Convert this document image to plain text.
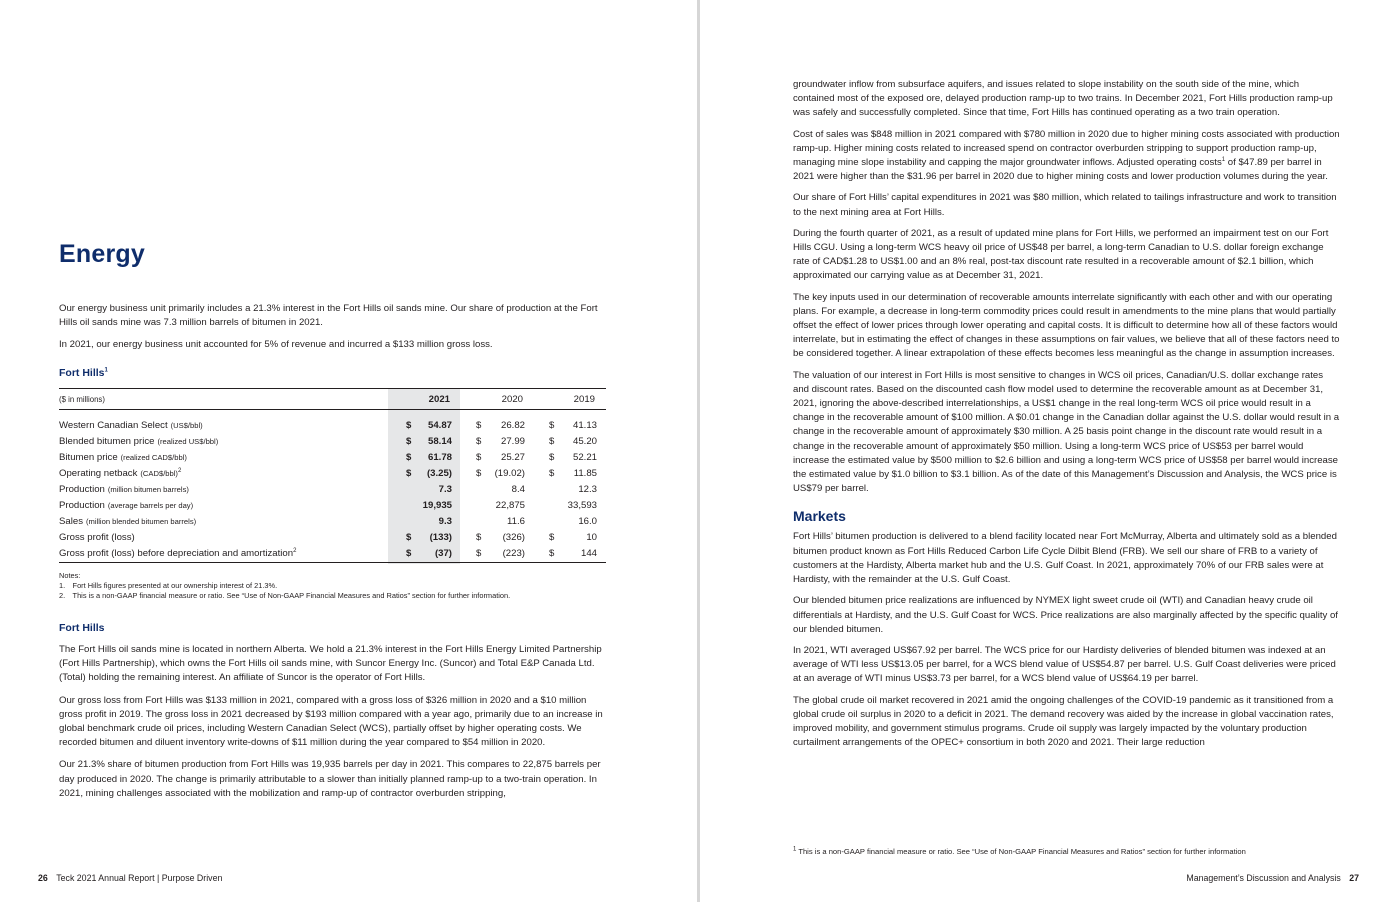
Energy

Our energy business unit primarily includes a 21.3% interest in the Fort Hills oil sands mine. Our share of production at the Fort Hills oil sands mine was 7.3 million barrels of bitumen in 2021.

In 2021, our energy business unit accounted for 5% of revenue and incurred a $133 million gross loss.

Fort Hills$^1$

($ in millions)	2021	2020	2019
Western Canadian Select (US$/bbl)	$ 54.87	$ 26.82	$ 41.13
Blended bitumen price (realized US$/bbl)	$ 58.14	$ 27.99	$ 45.20
Bitumen price (realized CAD$/bbl)	$ 61.78	$ 25.27	$ 52.21
Operating netback (CAD$/bbl)$^2$	$ (3.25)	$ (19.02)	$ 11.85
Production (million bitumen barrels)	7.3	8.4	12.3
Production (average barrels per day)	19,935	22,875	33,593
Sales (million blended bitumen barrels)	9.3	11.6	16.0
Gross profit (loss)	$ (133)	$ (326)	$	10
Gross profit (loss) before depreciation and amortization$^2$	$ (37)	$ (223)	$	144
Notes:
1. Fort Hills figures presented at our ownership interest of 21.3%.
2. This is a non-GAAP financial measure or ratio. See “Use of Non-GAAP Financial Measures and Ratios” section for further information.

Fort Hills

The Fort Hills oil sands mine is located in northern Alberta. We hold a 21.3% interest in the Fort Hills Energy Limited Partnership (Fort Hills Partnership), which owns the Fort Hills oil sands mine, with Suncor Energy Inc. (Suncor) and Total E&P Canada Ltd. (Total) holding the remaining interest. An affiliate of Suncor is the operator of Fort Hills.

Our gross loss from Fort Hills was $133 million in 2021, compared with a gross loss of $326 million in 2020 and a $10 million gross profit in 2019. The gross loss in 2021 decreased by $193 million compared with a year ago, primarily due to an increase in global benchmark crude oil prices, including Western Canadian Select (WCS), partially offset by higher operating costs. We recorded bitumen and diluent inventory write-downs of $11 million during the year compared to $54 million in 2020.

Our 21.3% share of bitumen production from Fort Hills was 19,935 barrels per day in 2021. This compares to 22,875 barrels per day produced in 2020. The change is primarily attributable to a slower than initially planned ramp-up to a two-train operation. In 2021, mining challenges associated with the mobilization and ramp-up of contractor overburden stripping,

26 Teck 2021 Annual Report | Purpose Driven

groundwater inflow from subsurface aquifers, and issues related to slope instability on the south side of the mine, which contained most of the exposed ore, delayed production ramp-up to two trains. In December 2021, Fort Hills production ramp-up was safely and successfully completed. Since that time, Fort Hills has continued operating as a two train operation.

Cost of sales was $848 million in 2021 compared with $780 million in 2020 due to higher mining costs associated with production ramp-up. Higher mining costs related to increased spend on contractor overburden stripping to support production ramp-up, managing mine slope instability and capping the major groundwater inflows. Adjusted operating costs$^1$ of $47.89 per barrel in 2021 were higher than the $31.96 per barrel in 2020 due to higher mining costs and lower production volumes during the year.

Our share of Fort Hills’ capital expenditures in 2021 was $80 million, which related to tailings infrastructure and work to transition to the next mining area at Fort Hills.

During the fourth quarter of 2021, as a result of updated mine plans for Fort Hills, we performed an impairment test on our Fort Hills CGU. Using a long-term WCS heavy oil price of US$48 per barrel, a long-term Canadian to U.S. dollar foreign exchange rate of CAD$1.28 to US$1.00 and an 8% real, post-tax discount rate resulted in a recoverable amount of $2.1 billion, which approximated our carrying value as at December 31, 2021.

The key inputs used in our determination of recoverable amounts interrelate significantly with each other and with our operating plans. For example, a decrease in long-term commodity prices could result in amendments to the mine plans that would partially offset the effect of lower prices through lower operating and capital costs. It is difficult to determine how all of these factors would interrelate, but in estimating the effect of changes in these assumptions on fair values, we believe that all of these factors need to be considered together. A linear extrapolation of these effects becomes less meaningful as the change in assumption increases.

The valuation of our interest in Fort Hills is most sensitive to changes in WCS oil prices, Canadian/U.S. dollar exchange rates and discount rates. Based on the discounted cash flow model used to determine the recoverable amount as at December 31, 2021, ignoring the above-described interrelationships, a US$1 change in the real long-term WCS oil price would result in a change in the recoverable amount of $100 million. A $0.01 change in the Canadian dollar against the U.S. dollar would result in a change in the recoverable amount of approximately $30 million. A 25 basis point change in the discount rate would result in a change in the recoverable amount of approximately $50 million. Using a long-term WCS price of US$53 per barrel would increase the estimated value by $500 million to $2.6 billion and using a long-term WCS price of US$58 per barrel would increase the estimated value by $1.0 billion to $3.1 billion. As of the date of this Management’s Discussion and Analysis, the WCS price is US$79 per barrel.

Markets

Fort Hills’ bitumen production is delivered to a blend facility located near Fort McMurray, Alberta and ultimately sold as a blended bitumen product known as Fort Hills Reduced Carbon Life Cycle Dilbit Blend (FRB). We sell our share of FRB to a variety of customers at the Hardisty, Alberta market hub and the U.S. Gulf Coast. In 2021, approximately 70% of our FRB sales were at Hardisty, with the remainder at the U.S. Gulf Coast.

Our blended bitumen price realizations are influenced by NYMEX light sweet crude oil (WTI) and Canadian heavy crude oil differentials at Hardisty, and the U.S. Gulf Coast for WCS. Price realizations are also marginally affected by the specific quality of our blended bitumen.

In 2021, WTI averaged US$67.92 per barrel. The WCS price for our Hardisty deliveries of blended bitumen was indexed at an average of WTI less US$13.05 per barrel, for a WCS blend value of US$54.87 per barrel. U.S. Gulf Coast deliveries were priced at an average of WTI minus US$3.73 per barrel, for a WCS blend value of US$64.19 per barrel.

The global crude oil market recovered in 2021 amid the ongoing challenges of the COVID-19 pandemic as it transitioned from a global crude oil surplus in 2020 to a deficit in 2021. The demand recovery was aided by the increase in global vaccination rates, improved mobility, and government stimulus programs. Crude oil supply was largely impacted by the voluntary production curtailment arrangements of the OPEC+ consortium in both 2020 and 2021. Their large reduction

$^1$ This is a non-GAAP financial measure or ratio. See “Use of Non-GAAP Financial Measures and Ratios” section for further information
Management’s Discussion and Analysis 27
